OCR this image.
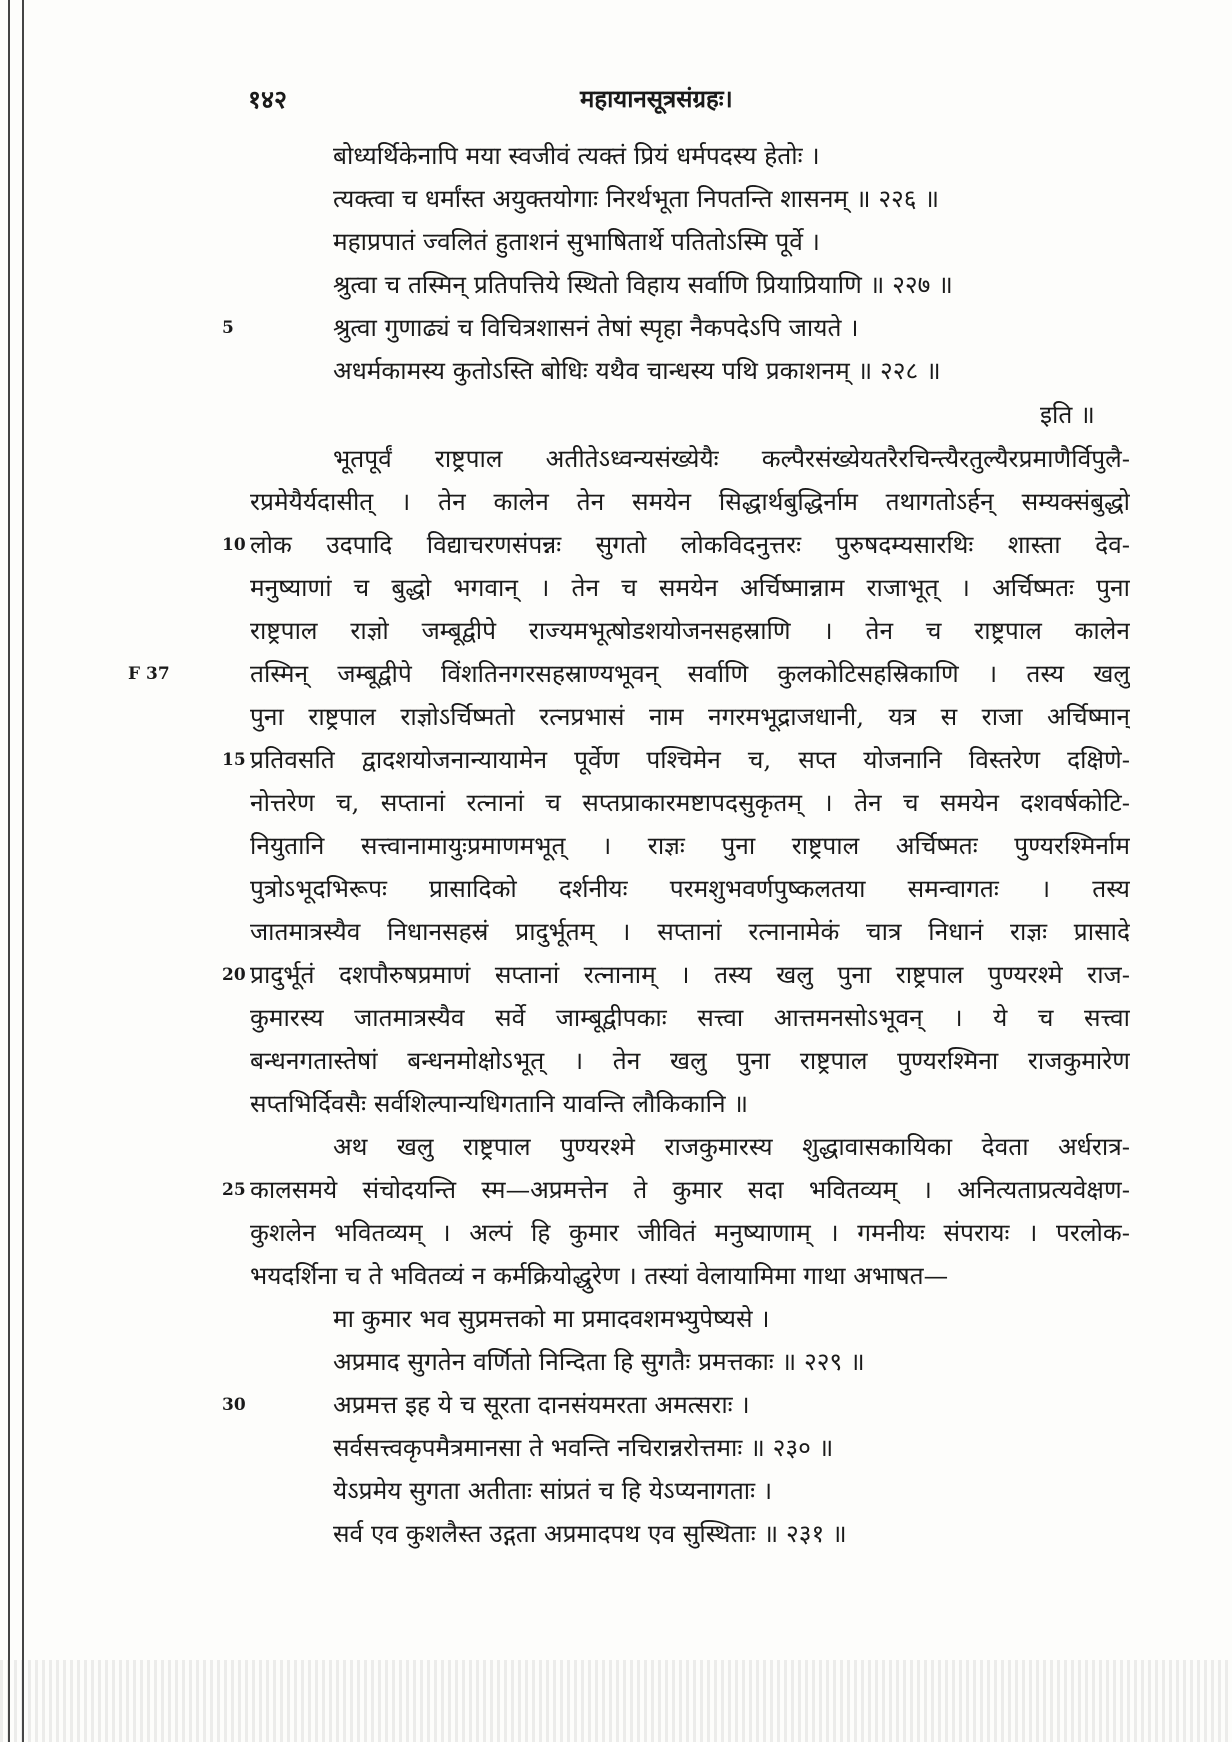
१४२	महायानसूत्रसंग्रहः।
बोध्यर्थिकेनापि मया स्वजीवं त्यक्तं प्रियं धर्मपदस्य हेतोः ।
त्यक्त्वा च धर्मांस्त अयुक्तयोगाः निरर्थभूता निपतन्ति शासनम् ॥ २२६ ॥
महाप्रपातं ज्वलितं हुताशनं सुभाषितार्थे पतितोऽस्मि पूर्वे ।
श्रुत्वा च तस्मिन् प्रतिपत्तिये स्थितो विहाय सर्वाणि प्रियाप्रियाणि ॥ २२७ ॥
श्रुत्वा गुणाढ्यं च विचित्रशासनं तेषां स्पृहा नैकपदेऽपि जायते ।
अधर्मकामस्य कुतोऽस्ति बोधिः यथैव चान्धस्य पथि प्रकाशनम् ॥ २२८ ॥
इति ॥
भूतपूर्वं राष्ट्रपाल अतीतेऽध्वन्यसंख्येयैः कल्पैरसंख्येयतरैरचिन्त्यैरतुल्यैरप्रमाणैर्विपुलै-
रप्रमेयैर्यदासीत् । तेन कालेन तेन समयेन सिद्धार्थबुद्धिर्नाम तथागतोऽर्हन् सम्यक्संबुद्धो
लोक उदपादि विद्याचरणसंपन्नः सुगतो लोकविदनुत्तरः पुरुषदम्यसारथिः शास्ता देव-
मनुष्याणां च बुद्धो भगवान् । तेन च समयेन अर्चिष्मान्नाम राजाभूत् । अर्चिष्मतः पुना
राष्ट्रपाल राज्ञो जम्बूद्वीपे राज्यमभूत्षोडशयोजनसहस्राणि । तेन च राष्ट्रपाल कालेन
तस्मिन् जम्बूद्वीपे विंशतिनगरसहस्राण्यभूवन् सर्वाणि कुलकोटिसहस्रिकाणि । तस्य खलु
पुना राष्ट्रपाल राज्ञोऽर्चिष्मतो रत्नप्रभासं नाम नगरमभूद्राजधानी, यत्र स राजा अर्चिष्मान्
प्रतिवसति द्वादशयोजनान्यायामेन पूर्वेण पश्चिमेन च, सप्त योजनानि विस्तरेण दक्षिणे-
नोत्तरेण च, सप्तानां रत्नानां च सप्तप्राकारमष्टापदसुकृतम् । तेन च समयेन दशवर्षकोटि-
नियुतानि सत्त्वानामायुःप्रमाणमभूत् । राज्ञः पुना राष्ट्रपाल अर्चिष्मतः पुण्यरश्मिर्नाम
पुत्रोऽभूदभिरूपः प्रासादिको दर्शनीयः परमशुभवर्णपुष्कलतया समन्वागतः । तस्य
जातमात्रस्यैव निधानसहस्रं प्रादुर्भूतम् । सप्तानां रत्नानामेकं चात्र निधानं राज्ञः प्रासादे
प्रादुर्भूतं दशपौरुषप्रमाणं सप्तानां रत्नानाम् । तस्य खलु पुना राष्ट्रपाल पुण्यरश्मे राज-
कुमारस्य जातमात्रस्यैव सर्वे जाम्बूद्वीपकाः सत्त्वा आत्तमनसोऽभूवन् । ये च सत्त्वा
बन्धनगतास्तेषां बन्धनमोक्षोऽभूत् । तेन खलु पुना राष्ट्रपाल पुण्यरश्मिना राजकुमारेण
सप्तभिर्दिवसैः सर्वशिल्पान्यधिगतानि यावन्ति लौकिकानि ॥
अथ खलु राष्ट्रपाल पुण्यरश्मे राजकुमारस्य शुद्धावासकायिका देवता अर्धरात्र-
कालसमये संचोदयन्ति स्म—अप्रमत्तेन ते कुमार सदा भवितव्यम् । अनित्यताप्रत्यवेक्षण-
कुशलेन भवितव्यम् । अल्पं हि कुमार जीवितं मनुष्याणाम् । गमनीयः संपरायः । परलोक-
भयदर्शिना च ते भवितव्यं न कर्मक्रियोद्धुरेण । तस्यां वेलायामिमा गाथा अभाषत—
मा कुमार भव सुप्रमत्तको मा प्रमादवशमभ्युपेष्यसे ।
अप्रमाद सुगतेन वर्णितो निन्दिता हि सुगतैः प्रमत्तकाः ॥ २२९ ॥
अप्रमत्त इह ये च सूरता दानसंयमरता अमत्सराः ।
सर्वसत्त्वकृपमैत्रमानसा ते भवन्ति नचिरान्नरोत्तमाः ॥ २३० ॥
येऽप्रमेय सुगता अतीताः सांप्रतं च हि येऽप्यनागताः ।
सर्व एव कुशलैस्त उद्गता अप्रमादपथ एव सुस्थिताः ॥ २३१ ॥
5
10
15
20
25
30
F 37
